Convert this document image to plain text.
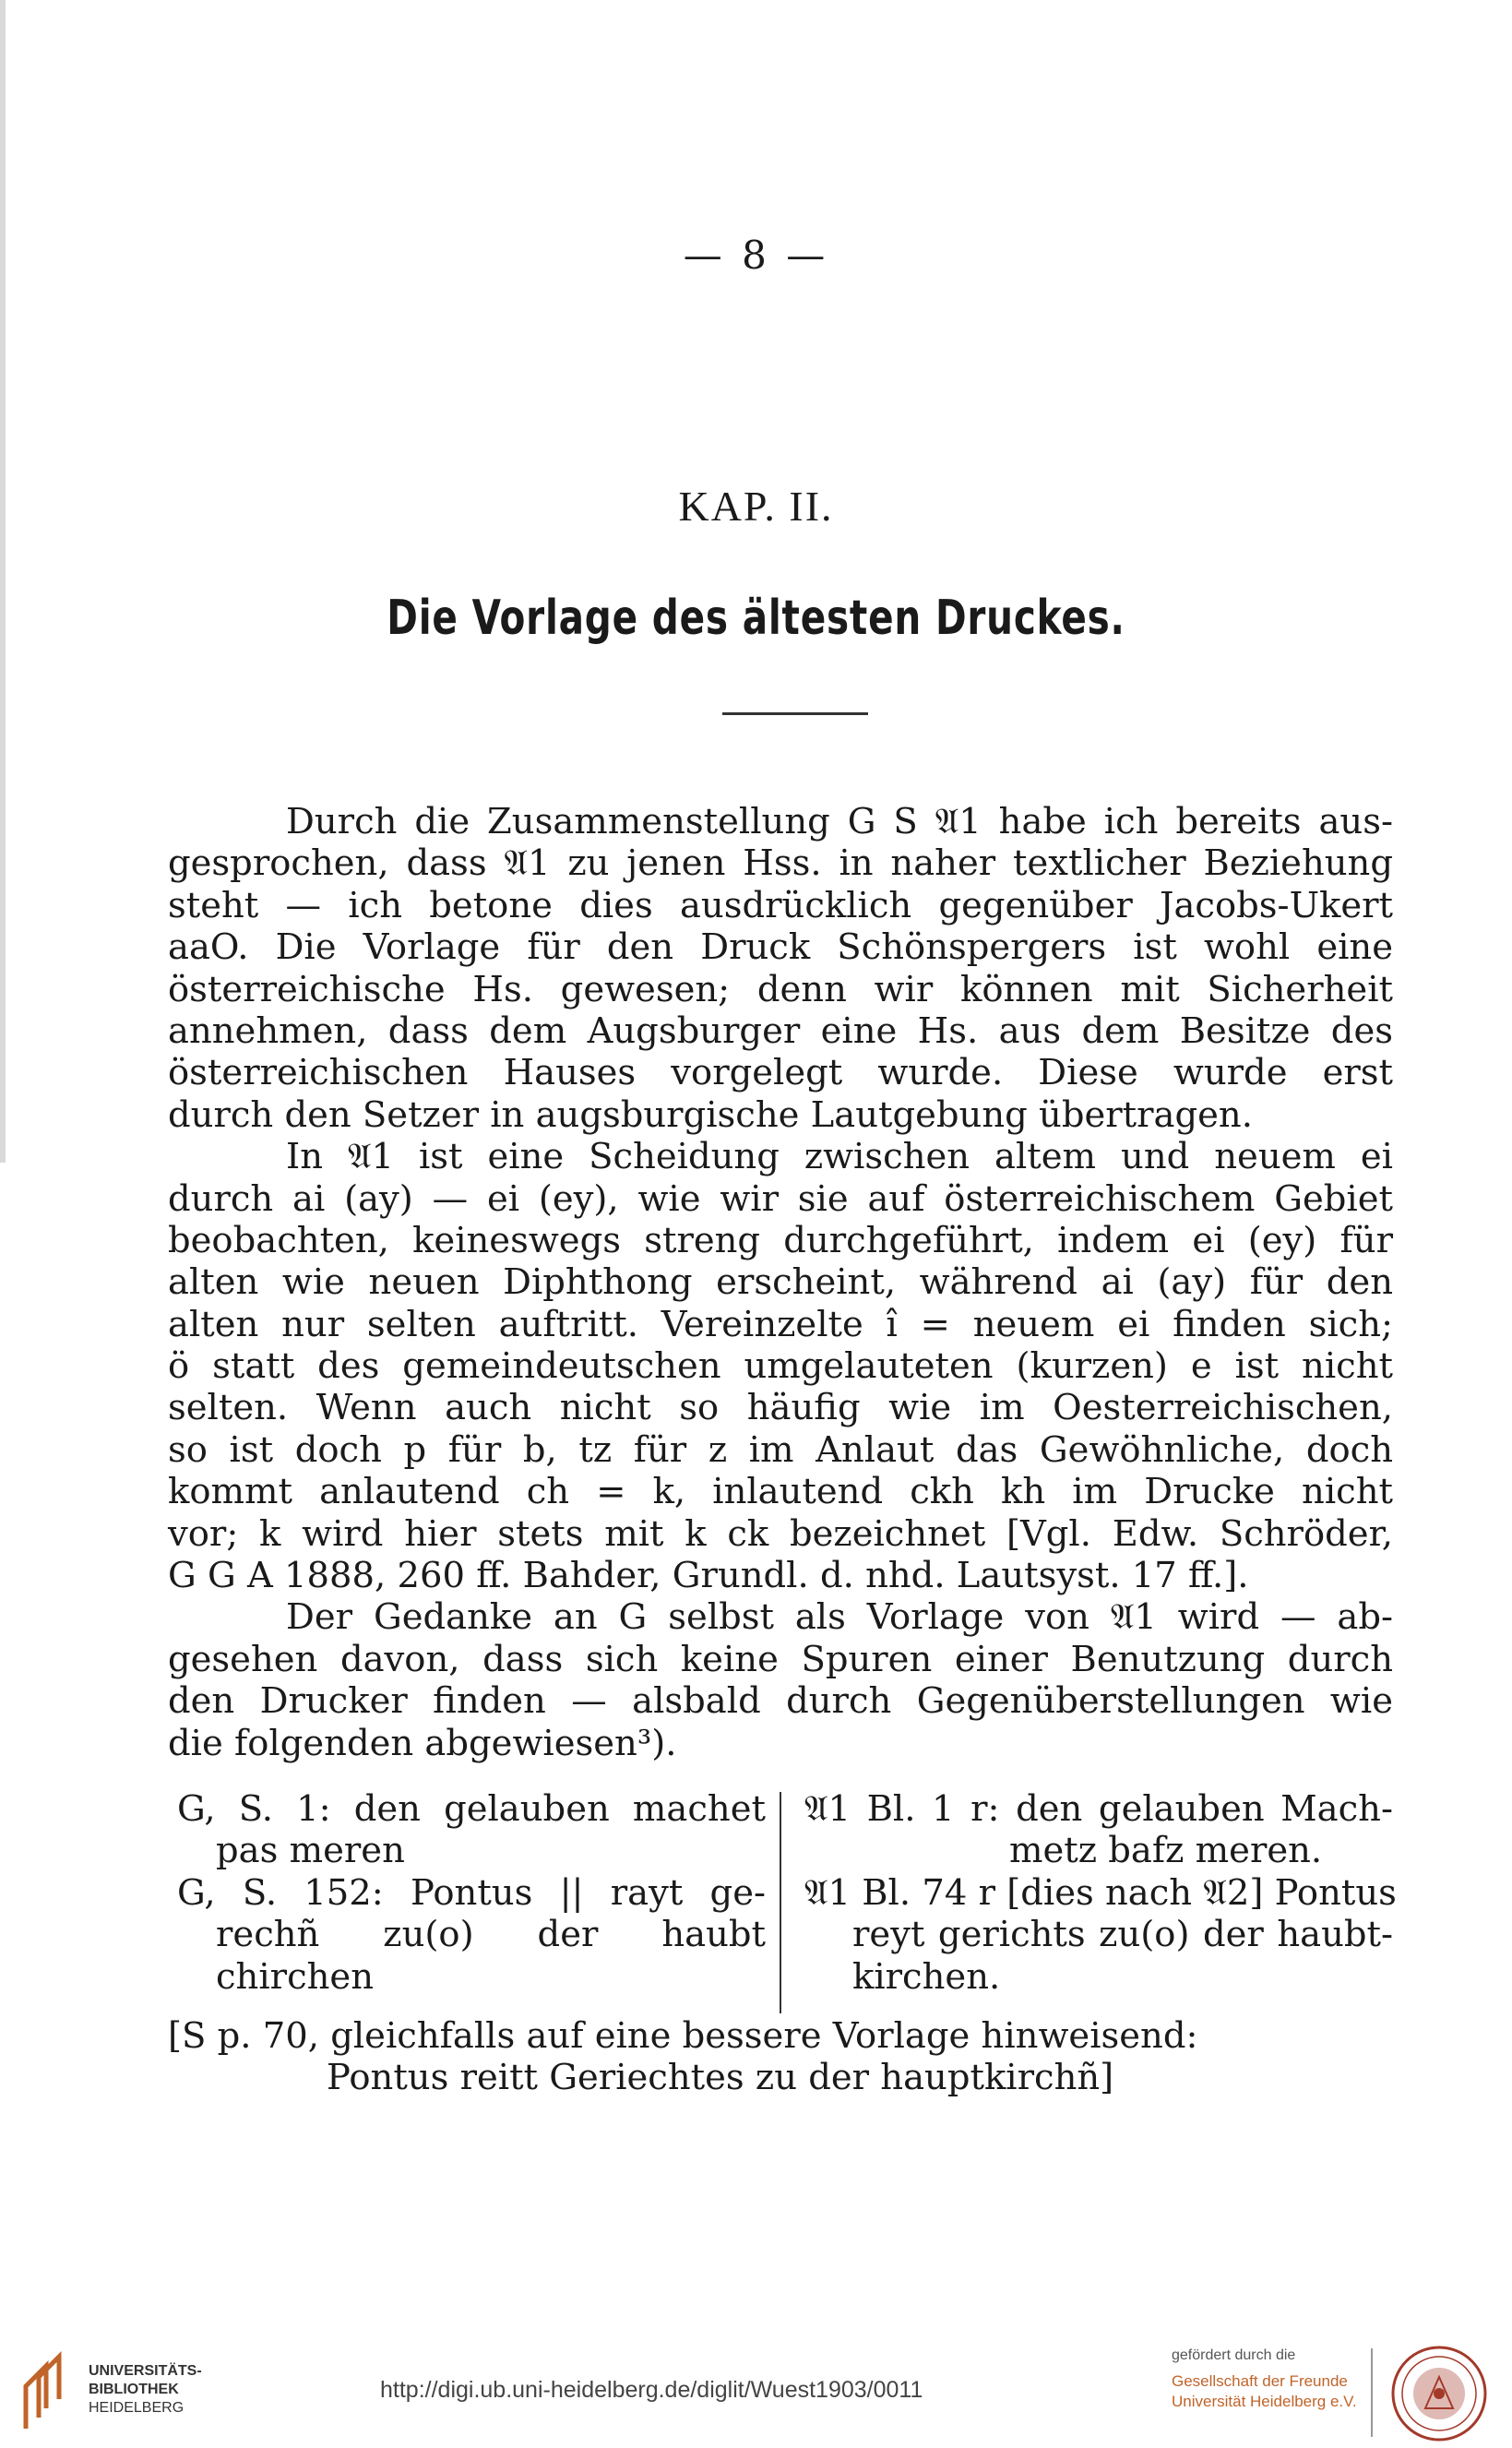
— 8 —
KAP. II.
Die Vorlage des ältesten Druckes.
Durch die Zusammenstellung G S 𝔄1 habe ich bereits aus-
gesprochen, dass 𝔄1 zu jenen Hss. in naher textlicher Beziehung
steht — ich betone dies ausdrücklich gegenüber Jacobs-Ukert
aaO. Die Vorlage für den Druck Schönspergers ist wohl eine
österreichische Hs. gewesen; denn wir können mit Sicherheit
annehmen, dass dem Augsburger eine Hs. aus dem Besitze des
österreichischen Hauses vorgelegt wurde. Diese wurde erst
durch den Setzer in augsburgische Lautgebung übertragen.
In 𝔄1 ist eine Scheidung zwischen altem und neuem ei
durch ai (ay) — ei (ey), wie wir sie auf österreichischem Gebiet
beobachten, keineswegs streng durchgeführt, indem ei (ey) für
alten wie neuen Diphthong erscheint, während ai (ay) für den
alten nur selten auftritt. Vereinzelte î = neuem ei finden sich;
ö statt des gemeindeutschen umgelauteten (kurzen) e ist nicht
selten. Wenn auch nicht so häufig wie im Oesterreichischen,
so ist doch p für b, tz für z im Anlaut das Gewöhnliche, doch
kommt anlautend ch = k, inlautend ckh kh im Drucke nicht
vor; k wird hier stets mit k ck bezeichnet [Vgl. Edw. Schröder,
G G A 1888, 260 ff. Bahder, Grundl. d. nhd. Lautsyst. 17 ff.].
Der Gedanke an G selbst als Vorlage von 𝔄1 wird — ab-
gesehen davon, dass sich keine Spuren einer Benutzung durch
den Drucker finden — alsbald durch Gegenüberstellungen wie
die folgenden abgewiesen³).
G, S. 1: den gelauben machet
pas meren
G, S. 152: Pontus || rayt ge-
rechñ zu(o) der haubt
chirchen
𝔄1 Bl. 1 r: den gelauben Mach-
metz bafz meren.
𝔄1 Bl. 74 r [dies nach 𝔄2] Pontus
reyt gerichts zu(o) der haubt-
kirchen.
[S p. 70, gleichfalls auf eine bessere Vorlage hinweisend:
Pontus reitt Geriechtes zu der hauptkirchñ]
UNIVERSITÄTS-
BIBLIOTHEK
HEIDELBERG
http://digi.ub.uni-heidelberg.de/diglit/Wuest1903/0011
gefördert durch die
Gesellschaft der Freunde
Universität Heidelberg e.V.
